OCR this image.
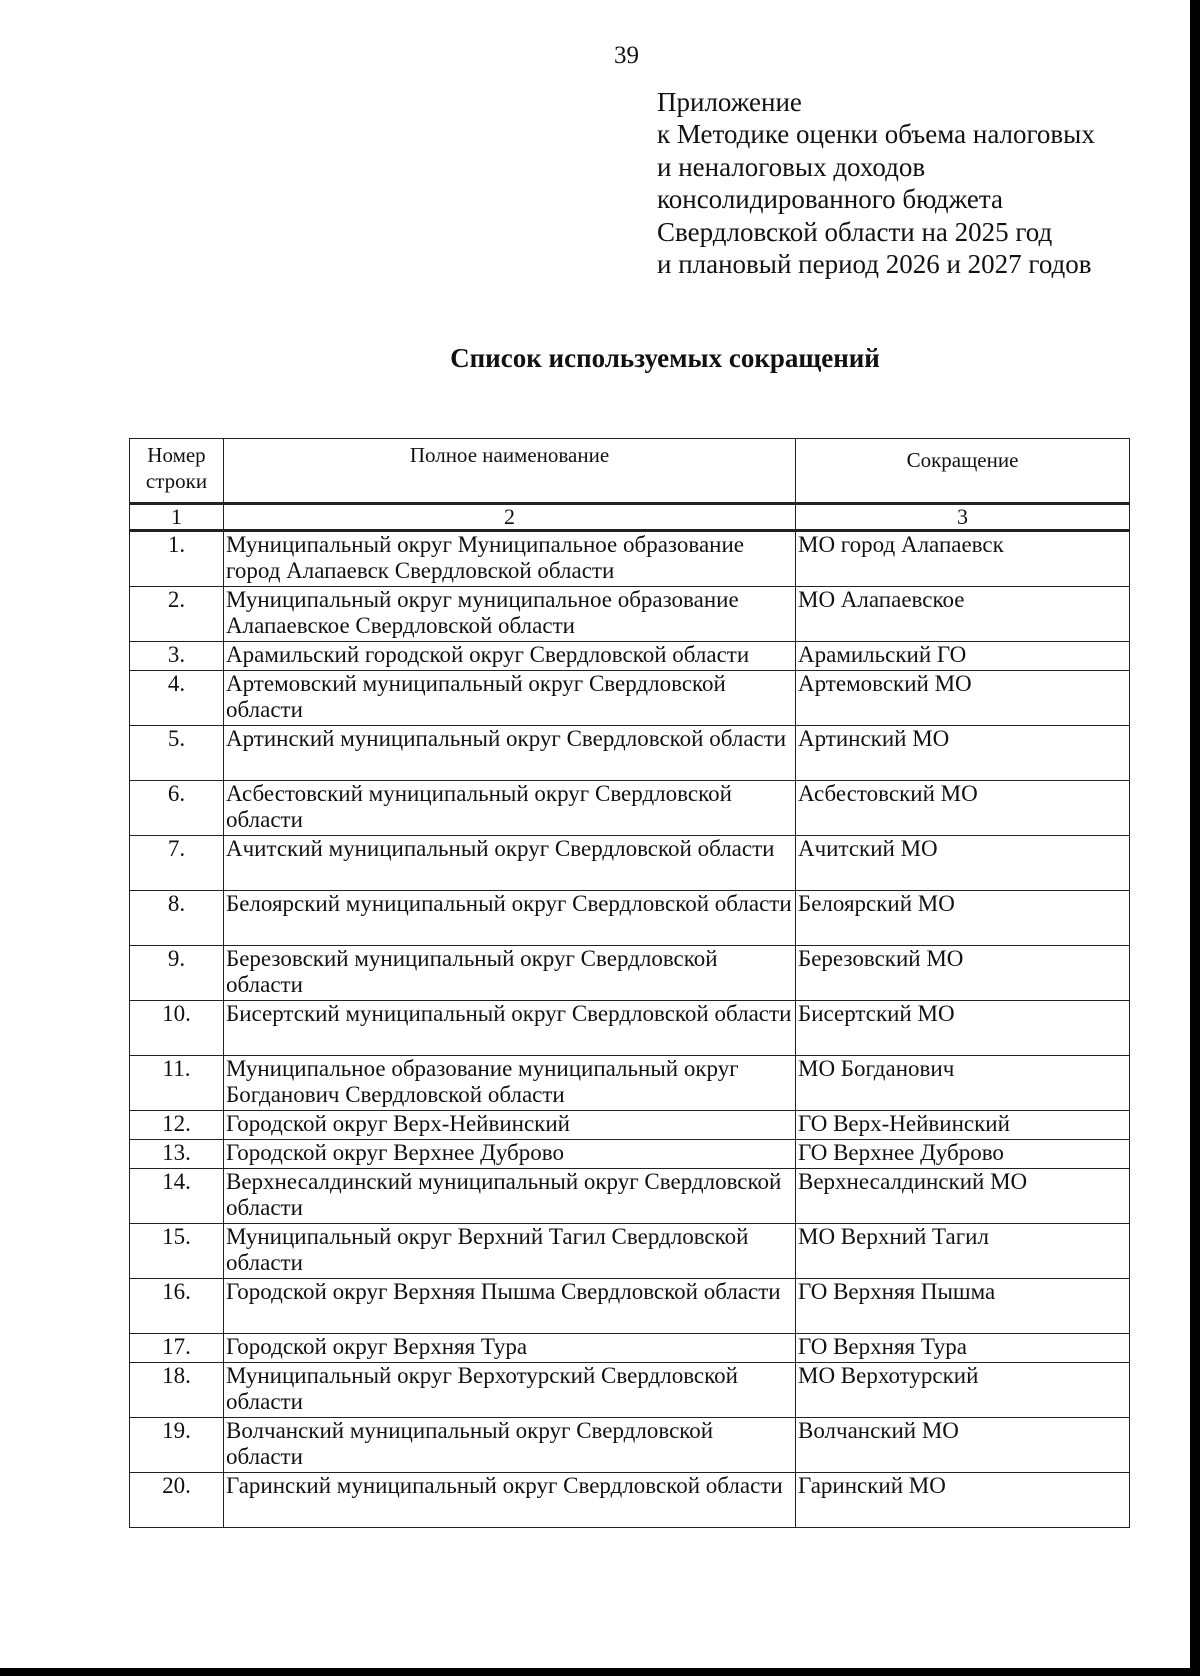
39
Приложение
к Методике оценки объема налоговых
и неналоговых доходов
консолидированного бюджета
Свердловской области на 2025 год
и плановый период 2026 и 2027 годов
Список используемых сокращений
Номер строки	Полное наименование	Сокращение
1	2	3
1.	Муниципальный округ Муниципальное образование город Алапаевск Свердловской области	МО город Алапаевск
2.	Муниципальный округ муниципальное образование Алапаевское Свердловской области	МО Алапаевское
3.	Арамильский городской округ Свердловской области	Арамильский ГО
4.	Артемовский муниципальный округ Свердловской области	Артемовский МО
5.	Артинский муниципальный округ Свердловской области	Артинский МО
6.	Асбестовский муниципальный округ Свердловской области	Асбестовский МО
7.	Ачитский муниципальный округ Свердловской области	Ачитский МО
8.	Белоярский муниципальный округ Свердловской области	Белоярский МО
9.	Березовский муниципальный округ Свердловской области	Березовский МО
10.	Бисертский муниципальный округ Свердловской области	Бисертский МО
11.	Муниципальное образование муниципальный округ Богданович Свердловской области	МО Богданович
12.	Городской округ Верх-Нейвинский	ГО Верх-Нейвинский
13.	Городской округ Верхнее Дуброво	ГО Верхнее Дуброво
14.	Верхнесалдинский муниципальный округ Свердловской области	Верхнесалдинский МО
15.	Муниципальный округ Верхний Тагил Свердловской области	МО Верхний Тагил
16.	Городской округ Верхняя Пышма Свердловской области	ГО Верхняя Пышма
17.	Городской округ Верхняя Тура	ГО Верхняя Тура
18.	Муниципальный округ Верхотурский Свердловской области	МО Верхотурский
19.	Волчанский муниципальный округ Свердловской области	Волчанский МО
20.	Гаринский муниципальный округ Свердловской области	Гаринский МО
